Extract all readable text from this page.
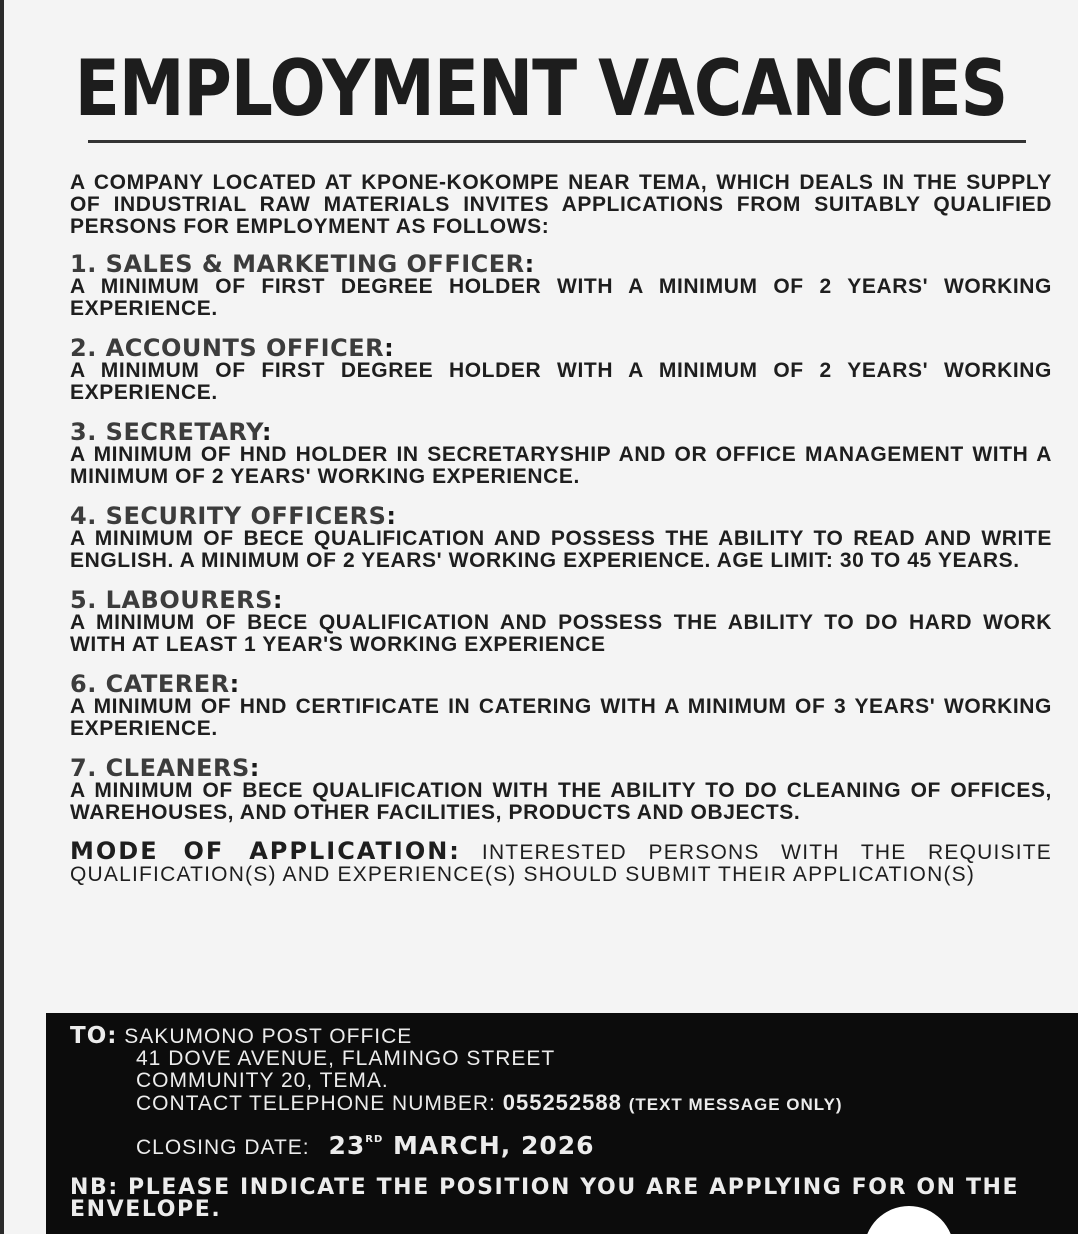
EMPLOYMENT VACANCIES
A COMPANY LOCATED AT KPONE-KOKOMPE NEAR TEMA, WHICH DEALS IN THE SUPPLY OF INDUSTRIAL RAW MATERIALS INVITES APPLICATIONS FROM SUITABLY QUALIFIED PERSONS FOR EMPLOYMENT AS FOLLOWS:
1. SALES & MARKETING OFFICER:
A MINIMUM OF FIRST DEGREE HOLDER WITH A MINIMUM OF 2 YEARS' WORKING EXPERIENCE.
2. ACCOUNTS OFFICER:
A MINIMUM OF FIRST DEGREE HOLDER WITH A MINIMUM OF 2 YEARS' WORKING EXPERIENCE.
3. SECRETARY:
A MINIMUM OF HND HOLDER IN SECRETARYSHIP AND OR OFFICE MANAGEMENT WITH A MINIMUM OF 2 YEARS' WORKING EXPERIENCE.
4. SECURITY OFFICERS:
A MINIMUM OF BECE QUALIFICATION AND POSSESS THE ABILITY TO READ AND WRITE ENGLISH. A MINIMUM OF 2 YEARS' WORKING EXPERIENCE. AGE LIMIT: 30 TO 45 YEARS.
5. LABOURERS:
A MINIMUM OF BECE QUALIFICATION AND POSSESS THE ABILITY TO DO HARD WORK WITH AT LEAST 1 YEAR'S WORKING EXPERIENCE
6. CATERER:
A MINIMUM OF HND CERTIFICATE IN CATERING WITH A MINIMUM OF 3 YEARS' WORKING EXPERIENCE.
7. CLEANERS:
A MINIMUM OF BECE QUALIFICATION WITH THE ABILITY TO DO CLEANING OF OFFICES, WAREHOUSES, AND OTHER FACILITIES, PRODUCTS AND OBJECTS.
MODE OF APPLICATION: INTERESTED PERSONS WITH THE REQUISITE QUALIFICATION(S) AND EXPERIENCE(S) SHOULD SUBMIT THEIR APPLICATION(S)
TO: SAKUMONO POST OFFICE
41 DOVE AVENUE, FLAMINGO STREET
COMMUNITY 20, TEMA.
CONTACT TELEPHONE NUMBER: 055252588 (TEXT MESSAGE ONLY)
CLOSING DATE: 23RD MARCH, 2026
NB: PLEASE INDICATE THE POSITION YOU ARE APPLYING FOR ON THE ENVELOPE.
